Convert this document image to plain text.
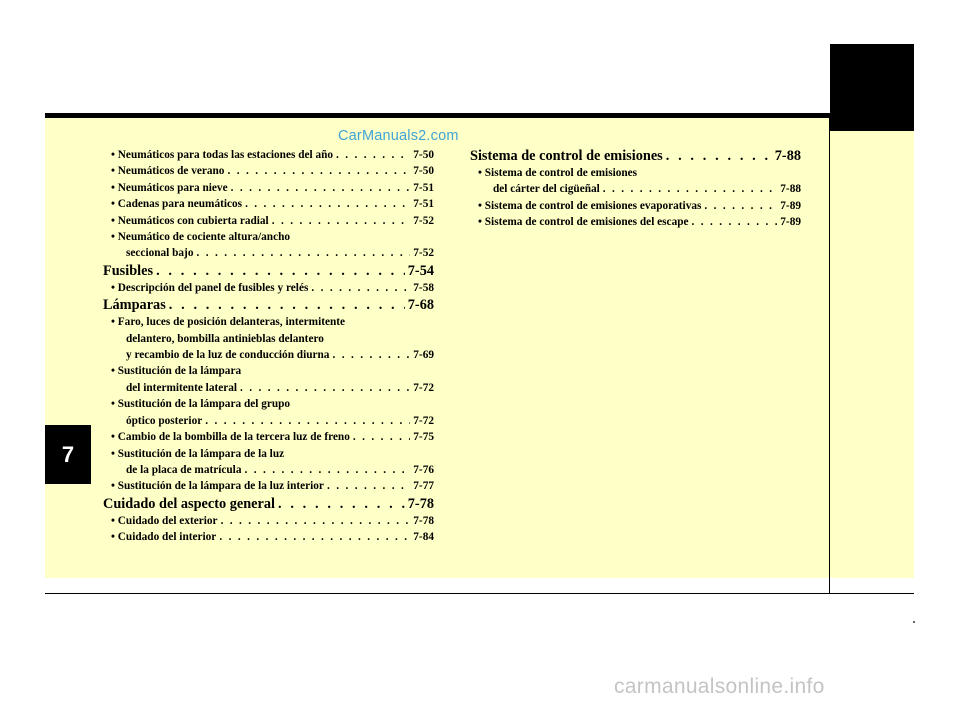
CarManuals2.com
carmanualsonline.info
7
• Neumáticos para todas las estaciones del año . . .	7-50
• Neumáticos de verano . . .	7-50
• Neumáticos para nieve . . .	7-51
• Cadenas para neumáticos . . .	7-51
• Neumáticos con cubierta radial . . .	7-52
• Neumático de cociente altura/ancho
seccional bajo . . .	7-52
Fusibles . . .	7-54
• Descripción del panel de fusibles y relés . . .	7-58
Lámparas . . .	7-68
• Faro, luces de posición delanteras, intermitente
delantero, bombilla antinieblas delantero
y recambio de la luz de conducción diurna . . .	7-69
• Sustitución de la lámpara
del intermitente lateral . . .	7-72
• Sustitución de la lámpara del grupo
óptico posterior . . .	7-72
• Cambio de la bombilla de la tercera luz de freno . . .	7-75
• Sustitución de la lámpara de la luz
de la placa de matrícula . . .	7-76
• Sustitución de la lámpara de la luz interior . . .	7-77
Cuidado del aspecto general . . .	7-78
• Cuidado del exterior . . .	7-78
• Cuidado del interior . . .	7-84
Sistema de control de emisiones . . .	7-88
• Sistema de control de emisiones
del cárter del cigüeñal . . .	7-88
• Sistema de control de emisiones evaporativas . . .	7-89
• Sistema de control de emisiones del escape . . .	7-89
